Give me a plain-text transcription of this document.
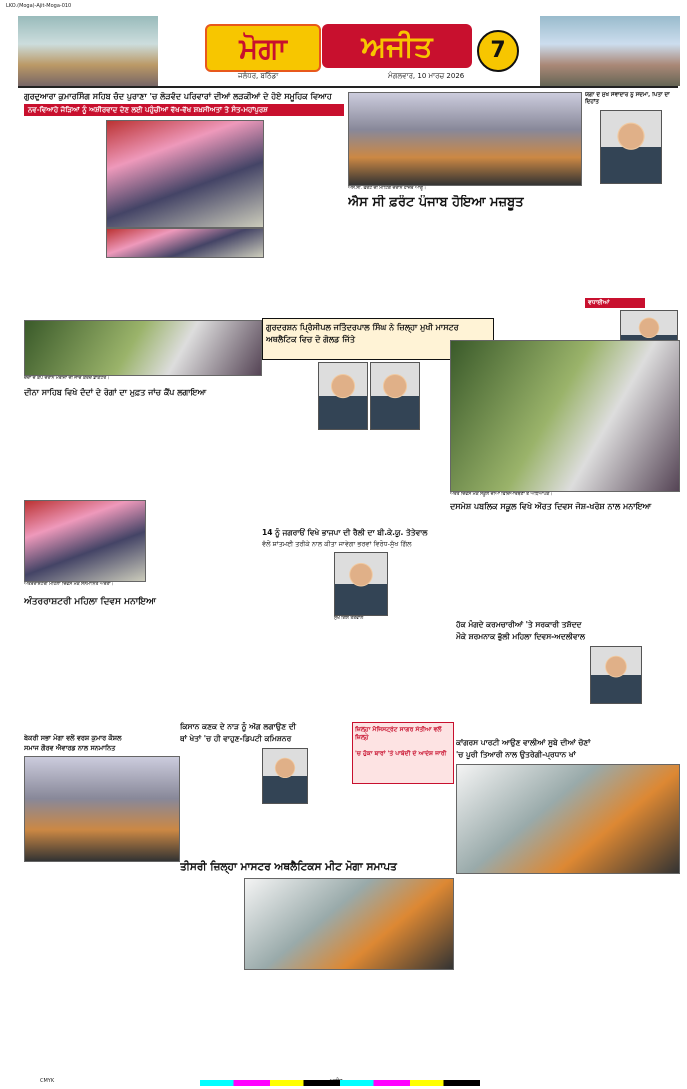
LKO.(Moga)-Ajit-Moga-010
ਮੋਗਾ	ਅਜੀਤ	7
ਜਲੰਧਰ, ਬਠਿੰਡਾ	ਮੰਗਲਵਾਰ, 10 ਮਾਰਚ 2026
ਗੁਰਦੁਆਰਾ ਕੁਮਾਰਸਿੰਗ ਸਹਿਬ ਚੰਦ ਪੁਰਾਣਾ 'ਚ ਲੋੜਵੰਦ ਪਰਿਵਾਰਾਂ ਦੀਆਂ ਲੜਕੀਆਂ ਦੇ ਹੋਏ ਸਮੂਹਿਕ ਵਿਆਹ
ਨਵ-ਵਿਆਹੇ ਜੋੜਿਆਂ ਨੂੰ ਅਸ਼ੀਰਵਾਦ ਦੇਣ ਲਈ ਪਹੁੰਚੀਆਂ ਵੱਖ-ਵੱਖ ਸ਼ਖ਼ਸੀਅਤਾਂ ਤੇ ਸੰਤ-ਮਹਾਂਪੁਰਸ਼
ਐਸ.ਸੀ. ਫਰੰਟ ਦੀ ਮੀਟਿੰਗ ਦੌਰਾਨ ਹਾਜ਼ਰ ਆਗੂ।
ਐਸ ਸੀ ਫ਼ਰੰਟ ਪੰਜਾਬ ਹੋਇਆ ਮਜ਼ਬੂਤ
ਯੋਗਾ ਦੇ ਮੁੱਖ ਸੇਵਾਦਾਰ ਨੂੰ ਸਦਮਾ, ਪਿਤਾ ਦਾ ਦਿਹਾਂਤ
ਵਧਾਈਆਂ
ਗੁਰਦਰਸ਼ਨ ਪ੍ਰਿੰਸੀਪਲ ਜਤਿੰਦਰਪਾਲ ਸਿੰਘ ਨੇ ਜ਼ਿਲ੍ਹਾ ਮੁਖੀ ਮਾਸਟਰ ਅਥਲੈਟਿਕ ਵਿਚ ਦੋ ਗੋਲਡ ਜਿੱਤੇ
ਦੰਦਾਂ ਦੇ ਕੈਂਪ ਦੌਰਾਨ ਮਰੀਜ਼ਾਂ ਦੀ ਜਾਂਚ ਕਰਦੇ ਡਾਕਟਰ।
ਦੀਨਾ ਸਾਹਿਬ ਵਿਖੇ ਦੰਦਾਂ ਦੇ ਰੋਗਾਂ ਦਾ ਮੁਫ਼ਤ ਜਾਂਚ ਕੈਂਪ ਲਗਾਇਆ
ਔਰਤ ਦਿਵਸ ਮੌਕੇ ਸਕੂਲ ਦੀਆਂ ਵਿਦਿਆਰਥਣਾਂ ਤੇ ਅਧਿਆਪਕ।
ਦਸਮੇਸ਼ ਪਬਲਿਕ ਸਕੂਲ ਵਿਖੇ ਔਰਤ ਦਿਵਸ ਜੋਸ਼-ਖਰੋਸ਼ ਨਾਲ ਮਨਾਇਆ
ਅੰਤਰਰਾਸ਼ਟਰੀ ਮਹਿਲਾ ਦਿਵਸ ਮੌਕੇ ਸਨਮਾਨਿਤ ਔਰਤਾਂ।
ਅੰਤਰਰਾਸ਼ਟਰੀ ਮਹਿਲਾ ਦਿਵਸ ਮਨਾਇਆ
14 ਨੂੰ ਜਗਰਾਓਂ ਵਿਖੇ ਭਾਜਪਾ ਦੀ ਰੈਲੀ ਦਾ ਬੀ.ਕੇ.ਯੂ. ਤੋਤੇਵਾਲ
ਵੱਲੋਂ ਸ਼ਾਂਤਮਈ ਤਰੀਕੇ ਨਾਲ ਕੀਤਾ ਜਾਵੇਗਾ ਭਰਵਾਂ ਵਿਰੋਧ-ਸੁੱਖ ਗਿੱਲ
ਸੁੱਖ ਗਿੱਲ ਤੋਤੇਵਾਲ
ਹੱਕ ਮੰਗਦੇ ਕਰਮਚਾਰੀਆਂ 'ਤੇ ਸਰਕਾਰੀ ਤਸ਼ੱਦਦ
ਮੌਕੇ ਸ਼ਰਮਨਾਕ ਭੁੱਲੀ ਮਹਿਲਾ ਦਿਵਸ-ਅਦਲੀਵਾਲ
ਕਾਂਗਰਸ ਪਾਰਟੀ ਆਉਣ ਵਾਲੀਆਂ ਸੂਬੇ ਦੀਆਂ ਚੋਣਾਂ
'ਚ ਪੂਰੀ ਤਿਆਰੀ ਨਾਲ ਉਤਰੇਗੀ-ਪ੍ਰਧਾਨ ਖਾਂ
ਕਿਸਾਨ ਕਣਕ ਦੇ ਨਾੜ ਨੂੰ ਅੱਗ ਲਗਾਉਣ ਦੀ
ਥਾਂ ਖੇਤਾਂ 'ਚ ਹੀ ਵਾਹੁਣ-ਡਿਪਟੀ ਕਮਿਸ਼ਨਰ
ਜ਼ਿਲ੍ਹਾ ਮੈਜਿਸਟ੍ਰੇਟ ਸਾਗਰ ਸੇਤੀਆ ਵਲੋਂ ਜ਼ਿਲ੍ਹੇ
'ਚ ਹੁੱਕਾ ਬਾਰਾਂ 'ਤੇ ਪਾਬੰਦੀ ਦੇ ਆਦੇਸ਼ ਜਾਰੀ
ਬੇਕਰੀ ਸਭਾ ਮੋਗਾ ਵਲੋਂ ਵਰਸ਼ ਕੁਮਾਰ ਕੌਸ਼ਲ
ਸਮਾਜ ਗੌਰਵ ਐਵਾਰਡ ਨਾਲ ਸਨਮਾਨਿਤ
ਤੀਸਰੀ ਜ਼ਿਲ੍ਹਾ ਮਾਸਟਰ ਅਥਲੈਟਿਕਸ ਮੀਟ ਮੋਗਾ ਸਮਾਪਤ
CMYK
